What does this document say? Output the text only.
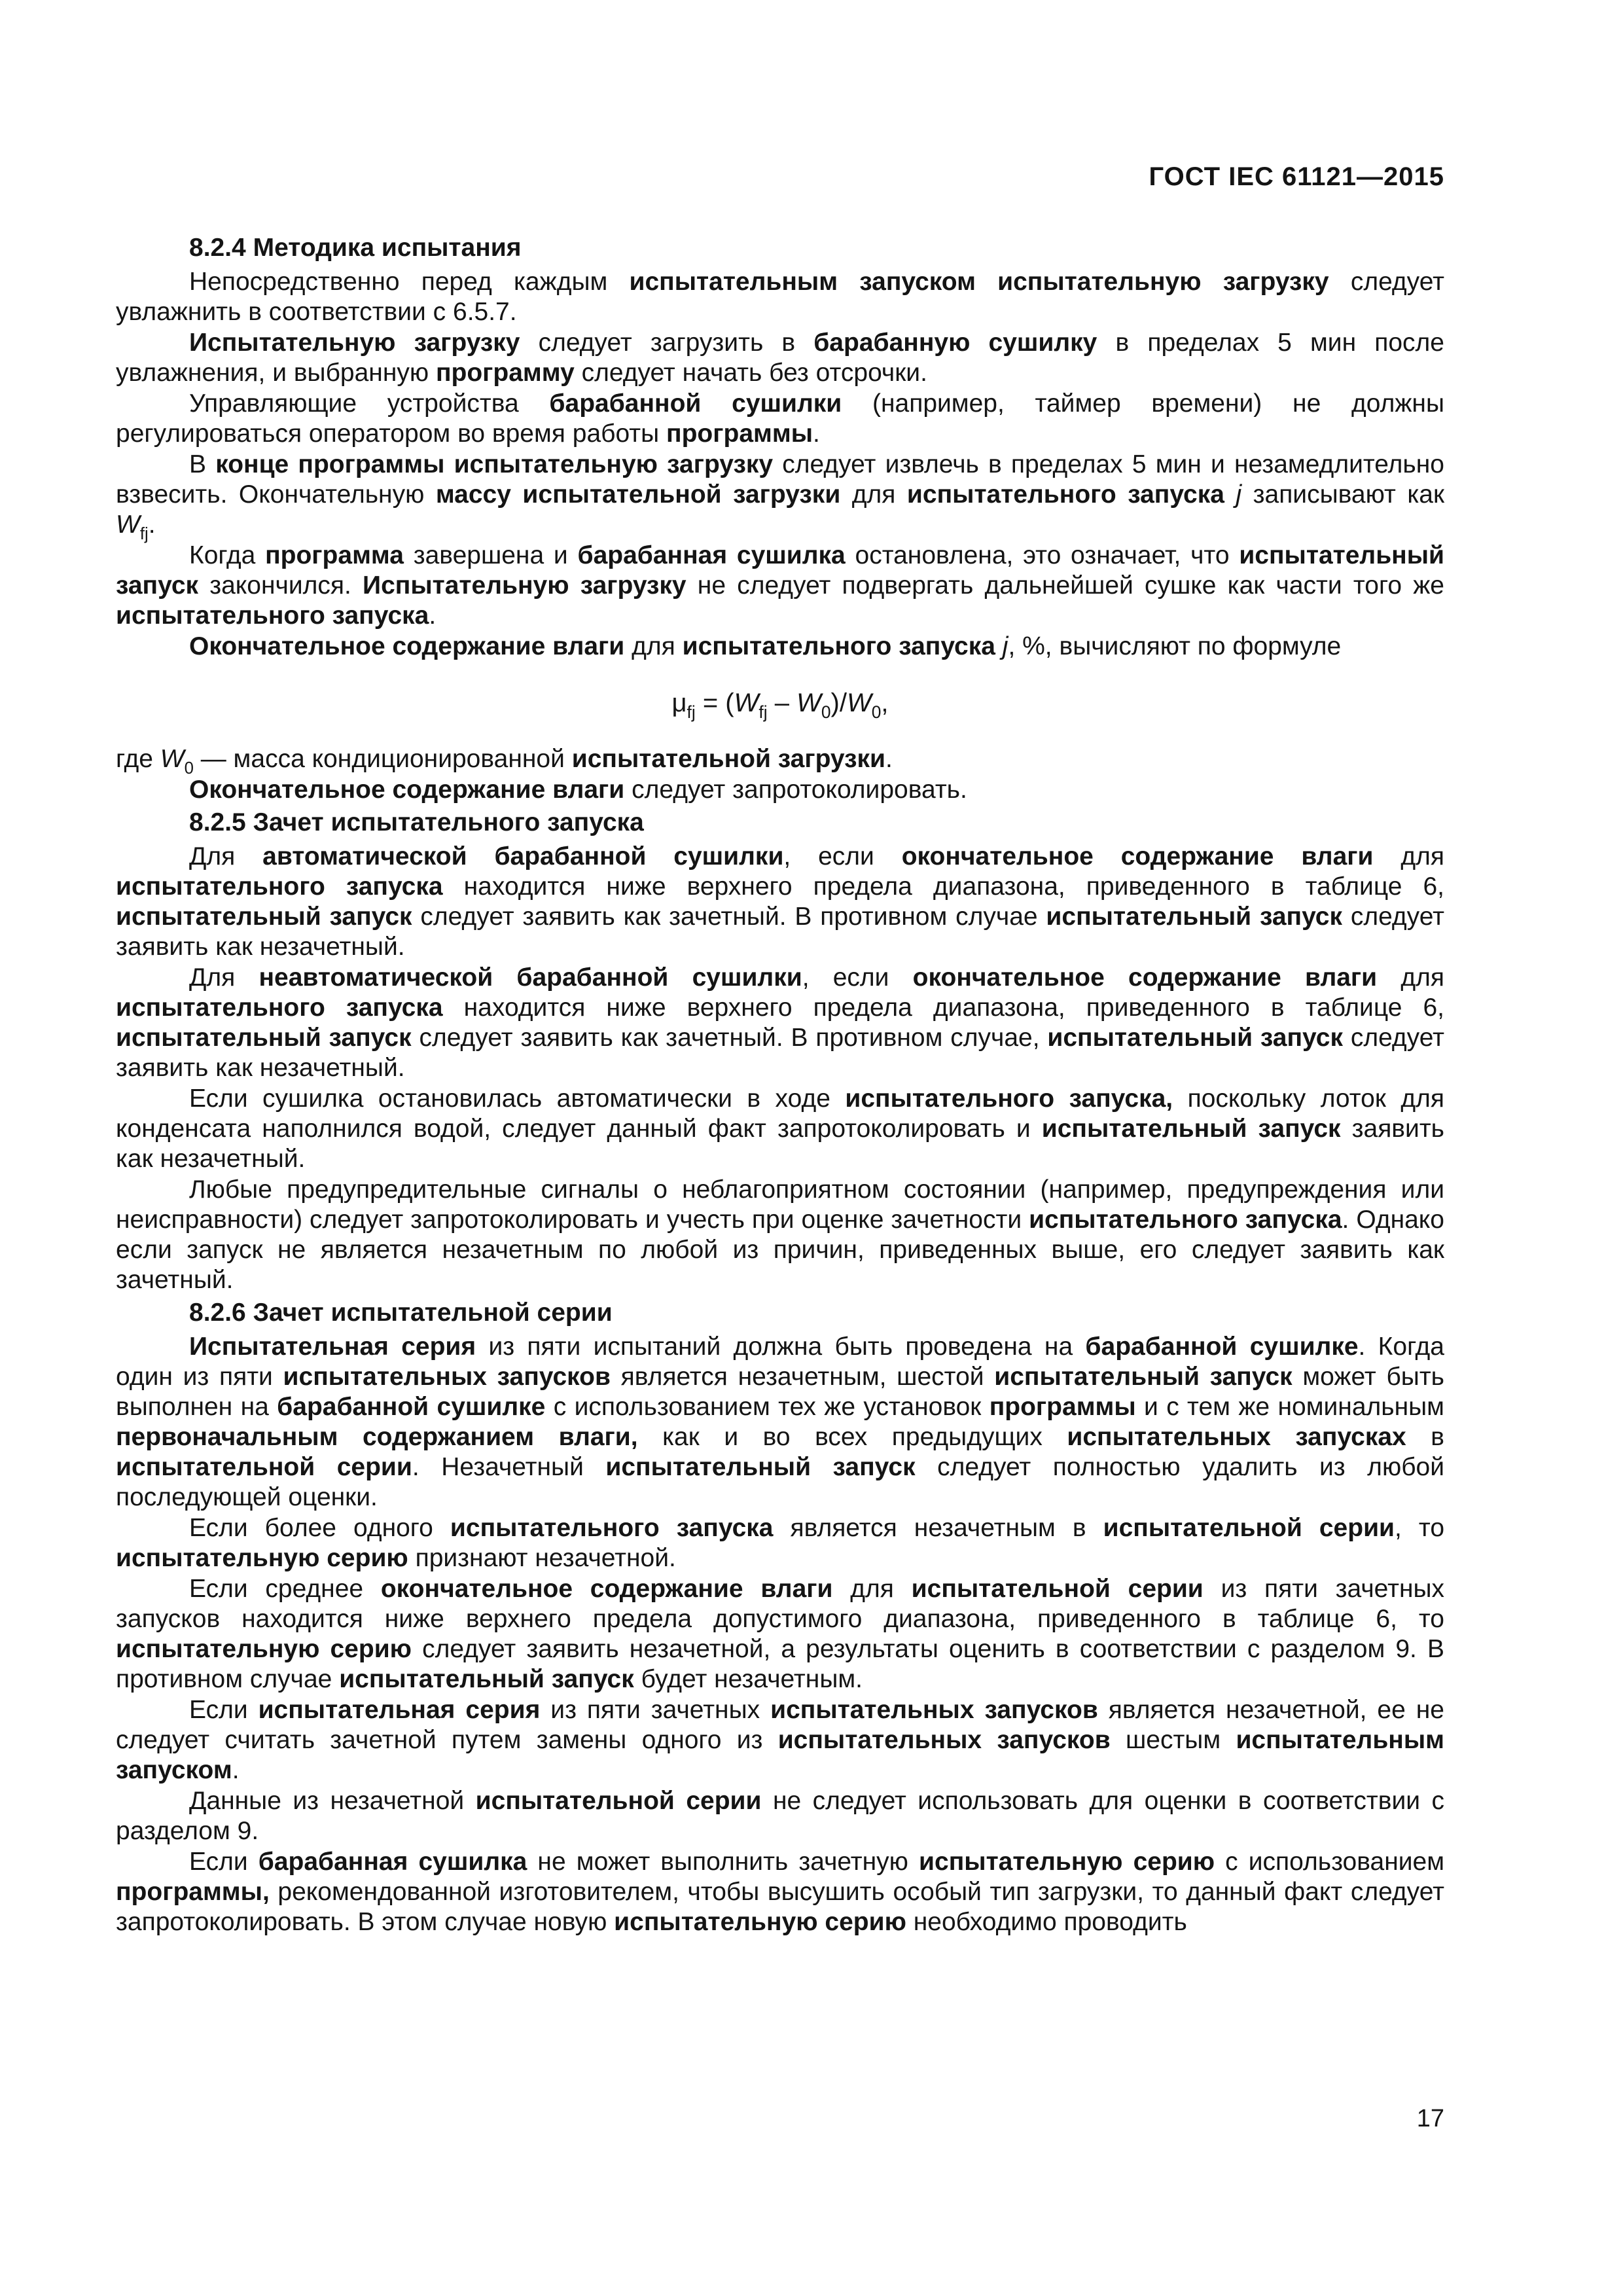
ГОСТ IEC 61121—2015
8.2.4 Методика испытания

Непосредственно перед каждым испытательным запуском испытательную загрузку следует увлажнить в соответствии с 6.5.7.

Испытательную загрузку следует загрузить в барабанную сушилку в пределах 5 мин после увлажнения, и выбранную программу следует начать без отсрочки.

Управляющие устройства барабанной сушилки (например, таймер времени) не должны регулироваться оператором во время работы программы.

В конце программы испытательную загрузку следует извлечь в пределах 5 мин и незамедлительно взвесить. Окончательную массу испытательной загрузки для испытательного запуска j записывают как $W_{fj}$.

Когда программа завершена и барабанная сушилка остановлена, это означает, что испытательный запуск закончился. Испытательную загрузку не следует подвергать дальнейшей сушке как части того же испытательного запуска.

Окончательное содержание влаги для испытательного запуска j, %, вычисляют по формуле

$\mu_{fj} = (W_{fj} - W_0)/W_0$,

где $W_0$ — масса кондиционированной испытательной загрузки.

Окончательное содержание влаги следует запротоколировать.

8.2.5 Зачет испытательного запуска

Для автоматической барабанной сушилки, если окончательное содержание влаги для испытательного запуска находится ниже верхнего предела диапазона, приведенного в таблице 6, испытательный запуск следует заявить как зачетный. В противном случае испытательный запуск следует заявить как незачетный.

Для неавтоматической барабанной сушилки, если окончательное содержание влаги для испытательного запуска находится ниже верхнего предела диапазона, приведенного в таблице 6, испытательный запуск следует заявить как зачетный. В противном случае, испытательный запуск следует заявить как незачетный.

Если сушилка остановилась автоматически в ходе испытательного запуска, поскольку лоток для конденсата наполнился водой, следует данный факт запротоколировать и испытательный запуск заявить как незачетный.

Любые предупредительные сигналы о неблагоприятном состоянии (например, предупреждения или неисправности) следует запротоколировать и учесть при оценке зачетности испытательного запуска. Однако если запуск не является незачетным по любой из причин, приведенных выше, его следует заявить как зачетный.

8.2.6 Зачет испытательной серии

Испытательная серия из пяти испытаний должна быть проведена на барабанной сушилке. Когда один из пяти испытательных запусков является незачетным, шестой испытательный запуск может быть выполнен на барабанной сушилке с использованием тех же установок программы и с тем же номинальным первоначальным содержанием влаги, как и во всех предыдущих испытательных запусках в испытательной серии. Незачетный испытательный запуск следует полностью удалить из любой последующей оценки.

Если более одного испытательного запуска является незачетным в испытательной серии, то испытательную серию признают незачетной.

Если среднее окончательное содержание влаги для испытательной серии из пяти зачетных запусков находится ниже верхнего предела допустимого диапазона, приведенного в таблице 6, то испытательную серию следует заявить незачетной, а результаты оценить в соответствии с разделом 9. В противном случае испытательный запуск будет незачетным.

Если испытательная серия из пяти зачетных испытательных запусков является незачетной, ее не следует считать зачетной путем замены одного из испытательных запусков шестым испытательным запуском.

Данные из незачетной испытательной серии не следует использовать для оценки в соответствии с разделом 9.

Если барабанная сушилка не может выполнить зачетную испытательную серию с использованием программы, рекомендованной изготовителем, чтобы высушить особый тип загрузки, то данный факт следует запротоколировать. В этом случае новую испытательную серию необходимо проводить

17
